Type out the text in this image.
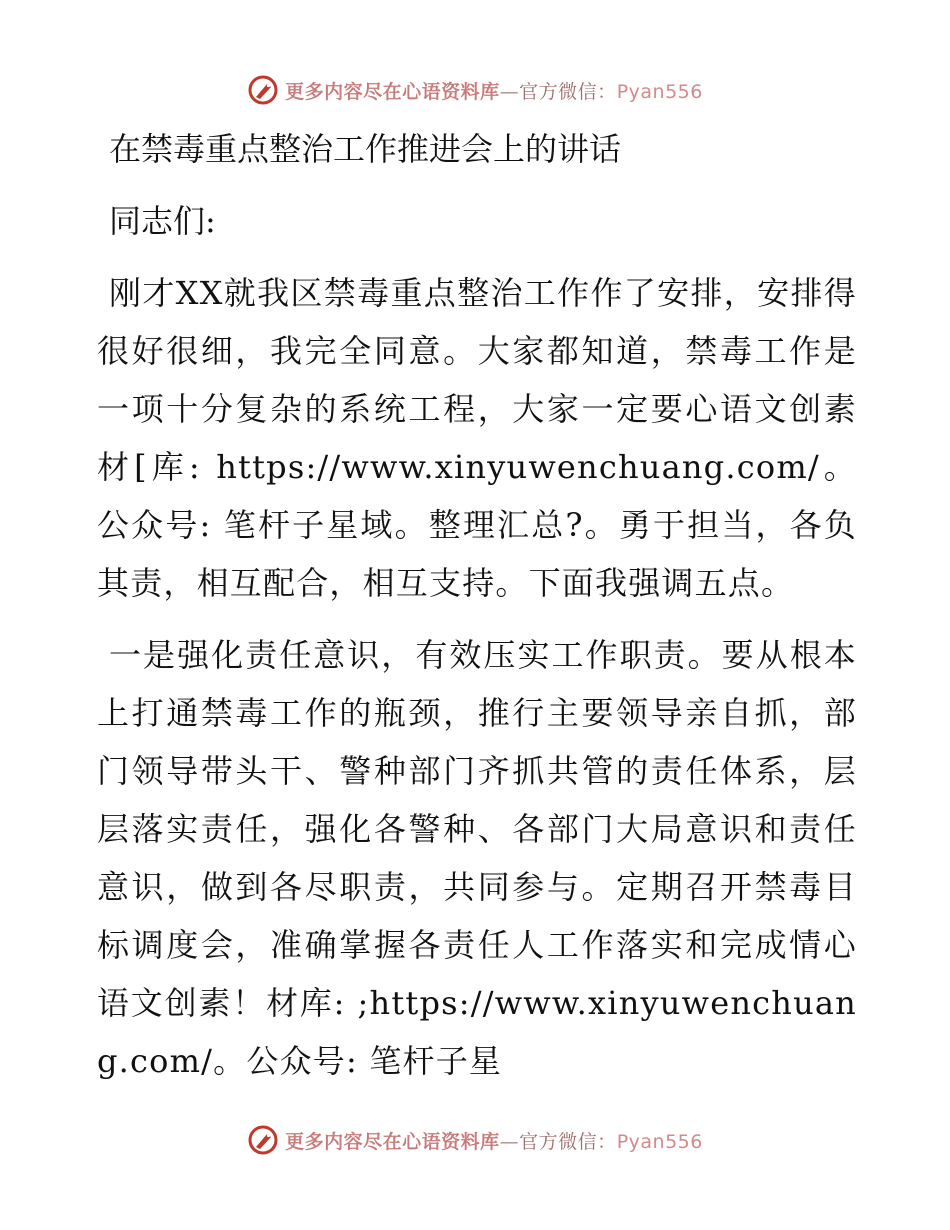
更多内容尽在心语资料库—官方微信：Pyan556
在禁毒重点整治工作推进会上的讲话

同志们:

刚才XX就我区禁毒重点整治工作作了安排，安排得很好很细，我完全同意。大家都知道，禁毒工作是一项十分复杂的系统工程，大家一定要心语文创素材[库: https://www.xinyuwenchuang.com/。公众号: 笔杆子星域。整理汇总?。勇于担当，各负其责，相互配合，相互支持。下面我强调五点。

一是强化责任意识，有效压实工作职责。要从根本上打通禁毒工作的瓶颈，推行主要领导亲自抓，部门领导带头干、警种部门齐抓共管的责任体系，层层落实责任，强化各警种、各部门大局意识和责任意识，做到各尽职责，共同参与。定期召开禁毒目标调度会，准确掌握各责任人工作落实和完成情心语文创素！材库: ;https://www.xinyuwenchuang.com/。公众号: 笔杆子星

更多内容尽在心语资料库—官方微信：Pyan556
